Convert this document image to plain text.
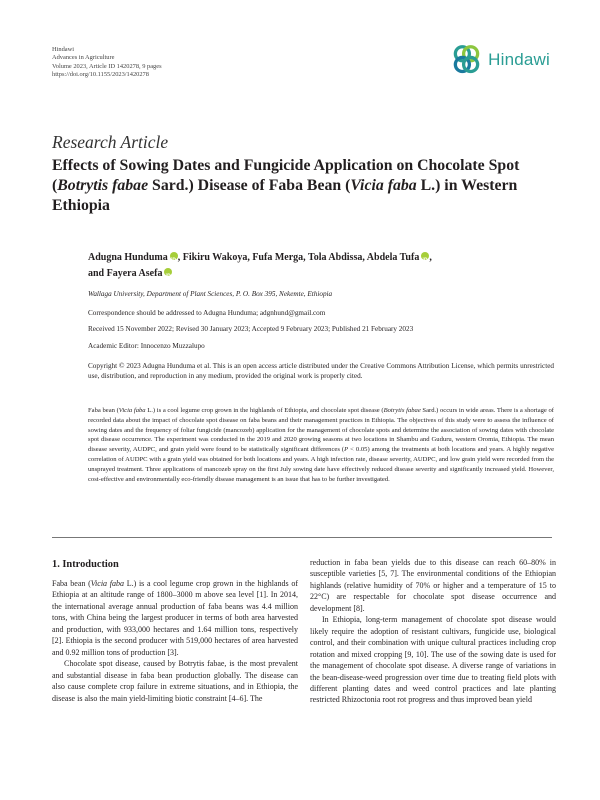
Hindawi
Advances in Agriculture
Volume 2023, Article ID 1420278, 9 pages
https://doi.org/10.1155/2023/1420278
Hindawi
Research Article
Effects of Sowing Dates and Fungicide Application on Chocolate Spot (Botrytis fabae Sard.) Disease of Faba Bean (Vicia faba L.) in Western Ethiopia
Adugna Hunduma iD , Fikiru Wakoya, Fufa Merga, Tola Abdissa, Abdela Tufa iD ,
and Fayera AsefaiD
Wallaga University, Department of Plant Sciences, P. O. Box 395, Nekemte, Ethiopia
Correspondence should be addressed to Adugna Hunduma; adgnhund@gmail.com
Received 15 November 2022; Revised 30 January 2023; Accepted 9 February 2023; Published 21 February 2023
Academic Editor: Innocenzo Muzzalupo
Copyright © 2023 Adugna Hunduma et al. This is an open access article distributed under the Creative Commons Attribution License, which permits unrestricted use, distribution, and reproduction in any medium, provided the original work is properly cited.
Faba bean (Vicia faba L.) is a cool legume crop grown in the highlands of Ethiopia, and chocolate spot disease (Botrytis fabae Sard.) occurs in wide areas. There is a shortage of recorded data about the impact of chocolate spot disease on faba beans and their management practices in Ethiopia. The objectives of this study were to assess the influence of sowing dates and the frequency of foliar fungicide (mancozeb) application for the management of chocolate spots and determine the association of sowing dates with chocolate spot disease occurrence. The experiment was conducted in the 2019 and 2020 growing seasons at two locations in Shambu and Guduru, western Oromia, Ethiopia. The mean disease severity, AUDPC, and grain yield were found to be statistically significant differences (P < 0.05) among the treatments at both locations and years. A highly negative correlation of AUDPC with a grain yield was obtained for both locations and years. A high infection rate, disease severity, AUDPC, and low grain yield were recorded from the unsprayed treatment. Three applications of mancozeb spray on the first July sowing date have effectively reduced disease severity and significantly increased yield. However, cost-effective and environmentally eco-friendly disease management is an issue that has to be further investigated.
1. Introduction

Faba bean (Vicia faba L.) is a cool legume crop grown in the highlands of Ethiopia at an altitude range of 1800–3000 m above sea level [1]. In 2014, the international average annual production of faba beans was 4.4 million tons, with China being the largest producer in terms of both area harvested and production, with 933,000 hectares and 1.64 million tons, respectively [2]. Ethiopia is the second producer with 519,000 hectares of area harvested and 0.92 million tons of production [3].

Chocolate spot disease, caused by Botrytis fabae, is the most prevalent and substantial disease in faba bean production globally. The disease can also cause complete crop failure in extreme situations, and in Ethiopia, the disease is also the main yield-limiting biotic constraint [4–6]. The

reduction in faba bean yields due to this disease can reach 60–80% in susceptible varieties [5, 7]. The environmental conditions of the Ethiopian highlands (relative humidity of 70% or higher and a temperature of 15 to 22°C) are respectable for chocolate spot disease occurrence and development [8].

In Ethiopia, long-term management of chocolate spot disease would likely require the adoption of resistant cultivars, fungicide use, biological control, and their combination with unique cultural practices including crop rotation and mixed cropping [9, 10]. The use of the sowing date is used for the management of chocolate spot disease. A diverse range of variations in the bean-disease-weed progression over time due to treating field plots with different planting dates and weed control practices and late planting restricted Rhizoctonia root rot progress and thus improved bean yield
